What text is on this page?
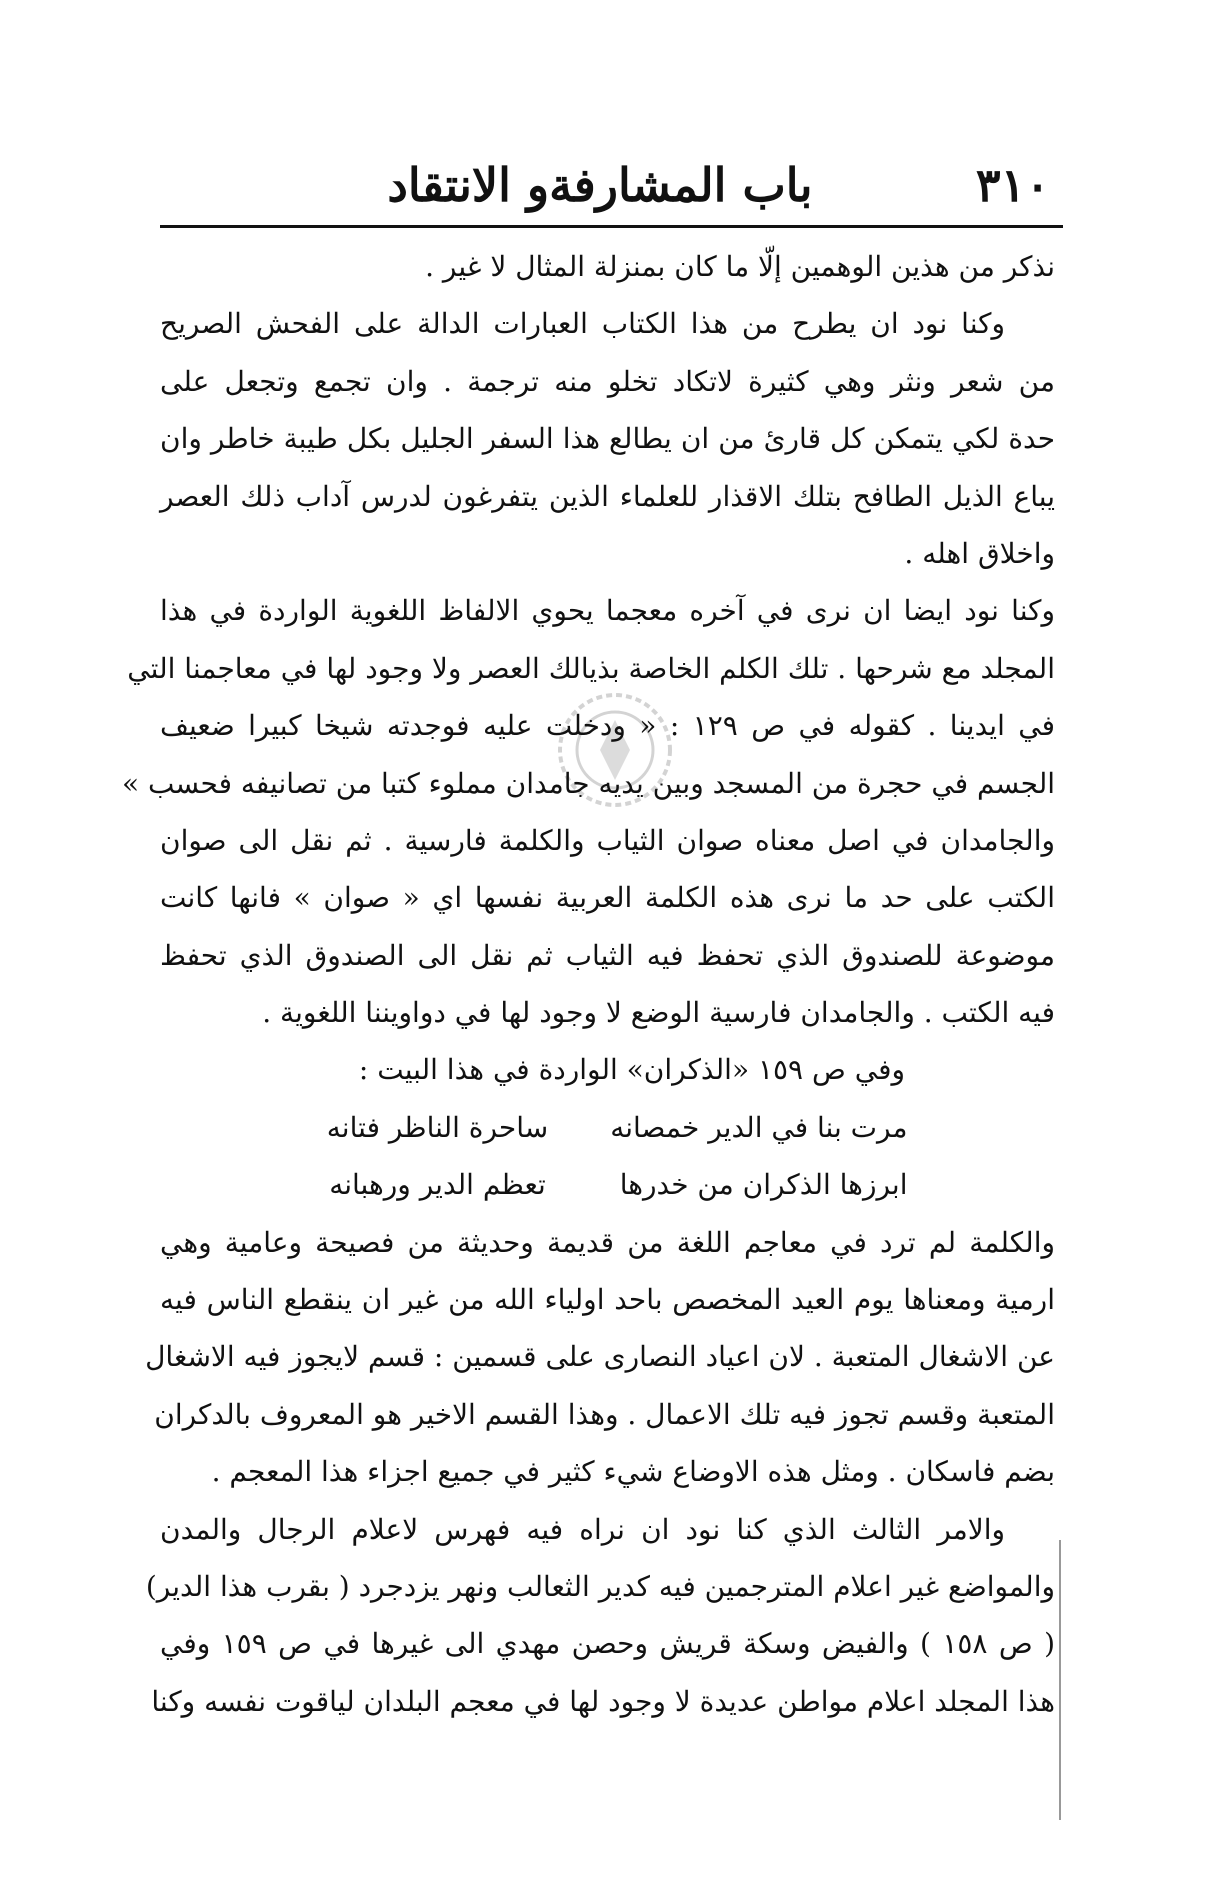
٣١٠
باب المشارفةو الانتقاد
نذكر من هذين الوهمين إلّا ما كان بمنزلة المثال لا غير .
وكنا نود ان يطرح من هذا الكتاب العبارات الدالة على الفحش الصريح
من شعر ونثر وهي كثيرة لاتكاد تخلو منه ترجمة . وان تجمع وتجعل على
حدة لكي يتمكن كل قارئ من ان يطالع هذا السفر الجليل بكل طيبة خاطر وان
يباع الذيل الطافح بتلك الاقذار للعلماء الذين يتفرغون لدرس آداب ذلك العصر
واخلاق اهله .
وكنا نود ايضا ان نرى في آخره معجما يحوي الالفاظ اللغوية الواردة في هذا
المجلد مع شرحها . تلك الكلم الخاصة بذيالك العصر ولا وجود لها في معاجمنا التي
في ايدينا . كقوله في ص ١٢٩ : « ودخلت عليه فوجدته شيخا كبيرا ضعيف
الجسم في حجرة من المسجد وبين يديه جامدان مملوء كتبا من تصانيفه فحسب »
والجامدان في اصل معناه صوان الثياب والكلمة فارسية . ثم نقل الى صوان
الكتب على حد ما نرى هذه الكلمة العربية نفسها اي « صوان » فانها كانت
موضوعة للصندوق الذي تحفظ فيه الثياب ثم نقل الى الصندوق الذي تحفظ
فيه الكتب . والجامدان فارسية الوضع لا وجود لها في دواويننا اللغوية .
وفي ص ١٥٩ «الذكران» الواردة في هذا البيت :
مرت بنا في الدير خمصانه
ساحرة الناظر فتانه
ابرزها الذكران من خدرها
تعظم الدير ورهبانه
والكلمة لم ترد في معاجم اللغة من قديمة وحديثة من فصيحة وعامية وهي
ارمية ومعناها يوم العيد المخصص باحد اولياء الله من غير ان ينقطع الناس فيه
عن الاشغال المتعبة . لان اعياد النصارى على قسمين : قسم لايجوز فيه الاشغال
المتعبة وقسم تجوز فيه تلك الاعمال . وهذا القسم الاخير هو المعروف بالدكران
بضم فاسكان . ومثل هذه الاوضاع شيء كثير في جميع اجزاء هذا المعجم .
والامر الثالث الذي كنا نود ان نراه فيه فهرس لاعلام الرجال والمدن
والمواضع غير اعلام المترجمين فيه كدير الثعالب ونهر يزدجرد ( بقرب هذا الدير)
( ص ١٥٨ ) والفيض وسكة قريش وحصن مهدي الى غيرها في ص ١٥٩ وفي
هذا المجلد اعلام مواطن عديدة لا وجود لها في معجم البلدان لياقوت نفسه وكنا
